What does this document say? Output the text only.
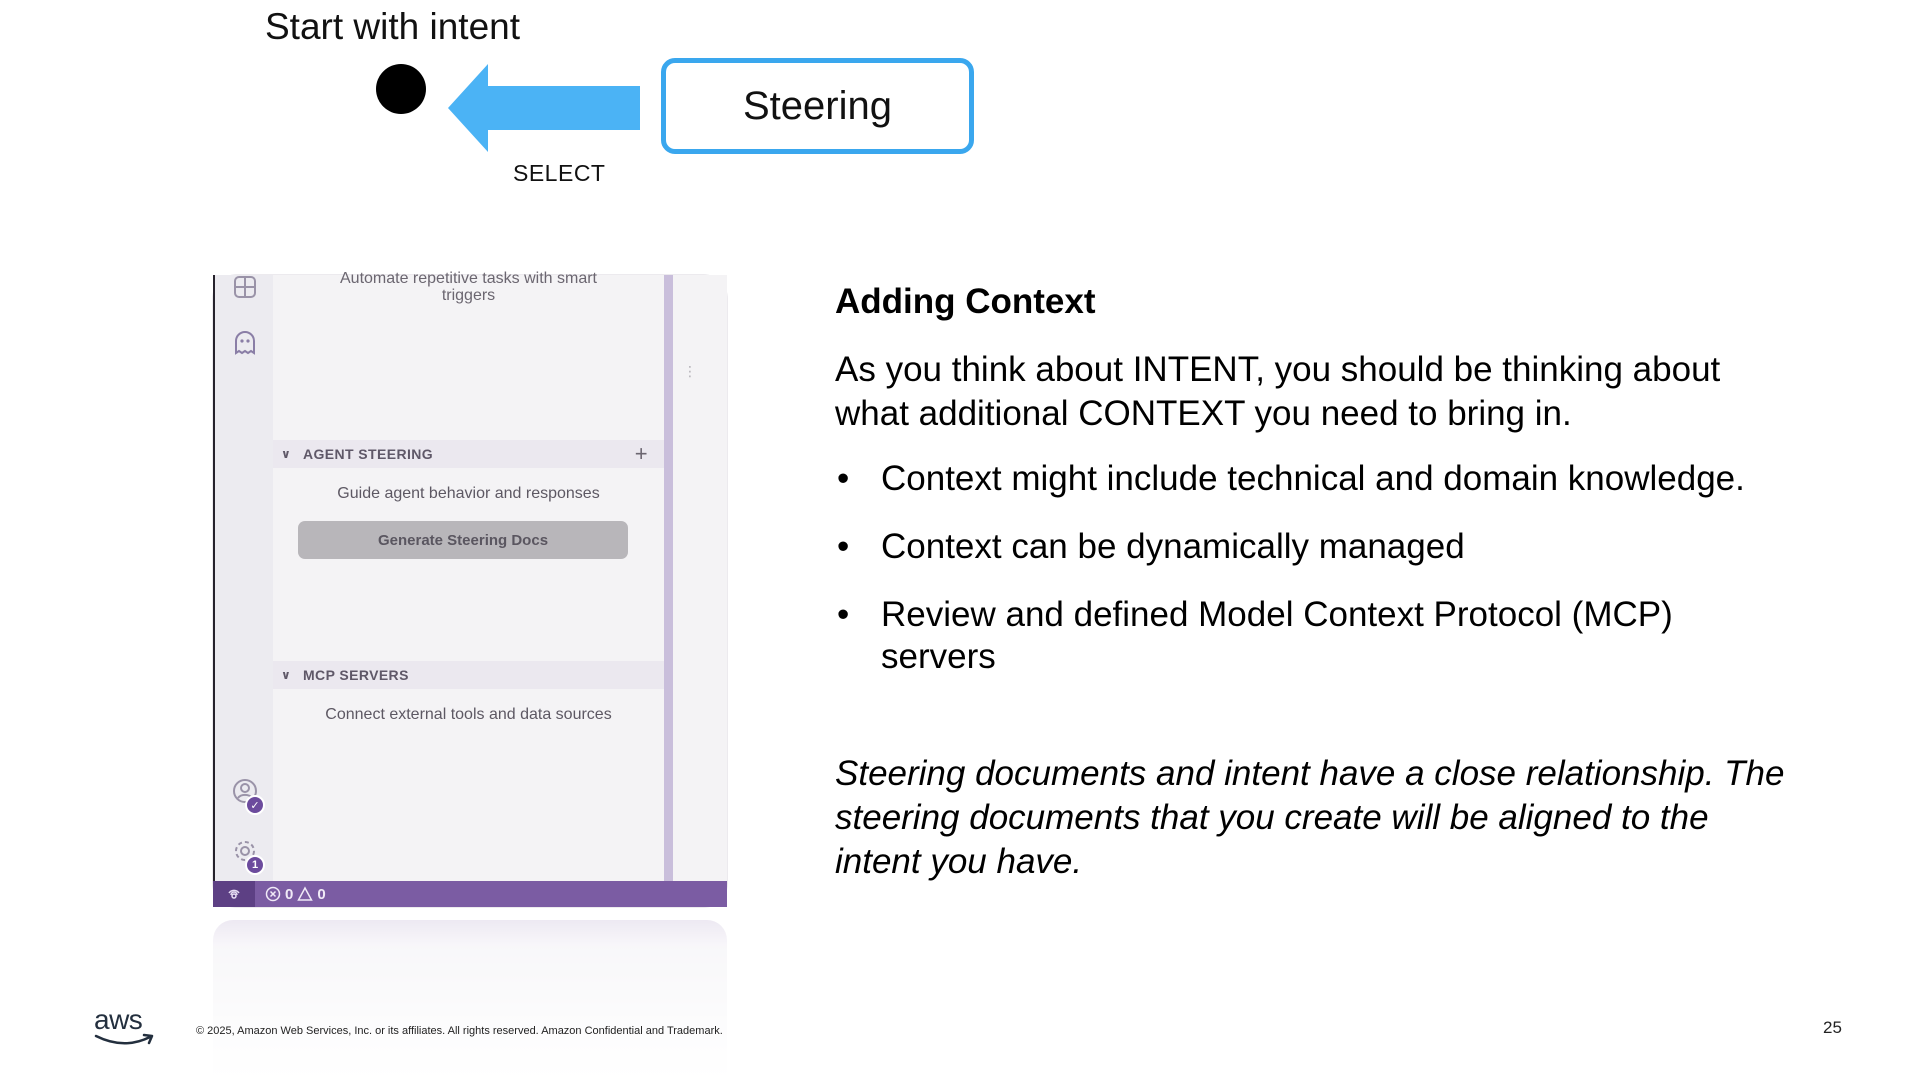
Start with intent
SELECT
Steering
✓
1
Automate repetitive tasks with smart
triggers
∨ AGENT STEERING	+
Guide agent behavior and responses
Generate Steering Docs
∨ MCP SERVERS
Connect external tools and data sources
⋮
0 0
Adding Context
As you think about INTENT, you should be thinking about what additional CONTEXT you need to bring in.
• Context might include technical and domain knowledge.
• Context can be dynamically managed
• Review and defined Model Context Protocol (MCP) servers
Steering documents and intent have a close relationship. The steering documents that you create will be aligned to the intent you have.
aws	© 2025, Amazon Web Services, Inc. or its affiliates. All rights reserved. Amazon Confidential and Trademark.	25
